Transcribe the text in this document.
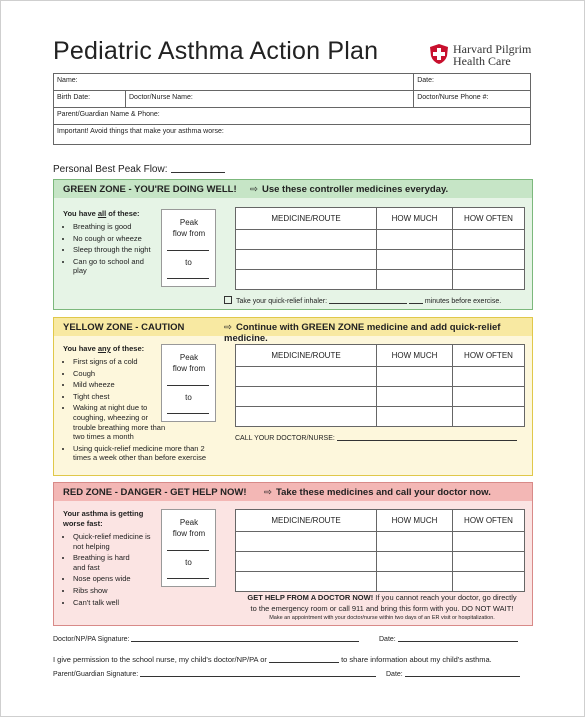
Pediatric Asthma Action Plan	Harvard Pilgrim
Health Care
Name:		Date:
Birth Date:	Doctor/Nurse Name:	Doctor/Nurse Phone #:
Parent/Guardian Name & Phone:		
Important! Avoid things that make your asthma worse:		
Personal Best Peak Flow:
GREEN ZONE - YOU'RE DOING WELL! ⇨ Use these controller medicines everyday.
You have all of these:
• Breathing is good
• No cough or wheeze
• Sleep through the night
• Can go to school and play
Peak flow from
to
MEDICINE/ROUTE	HOW MUCH	HOW OFTEN

Take your quick-relief inhaler:	minutes before exercise.
YELLOW ZONE - CAUTION	⇨ Continue with GREEN ZONE medicine and add quick-relief medicine.
You have any of these:
• First signs of a cold
• Cough
• Mild wheeze
• Tight chest
• Waking at night due to coughing, wheezing or trouble breathing more than two times a month
• Using quick-relief medicine more than 2 times a week other than before exercise
Peak flow from
to
MEDICINE/ROUTE	HOW MUCH	HOW OFTEN

CALL YOUR DOCTOR/NURSE:
RED ZONE - DANGER - GET HELP NOW! ⇨ Take these medicines and call your doctor now.
Your asthma is getting worse fast:
• Quick-relief medicine is not helping
• Breathing is hard and fast
• Nose opens wide
• Ribs show
• Can't talk well
Peak flow from
to
MEDICINE/ROUTE	HOW MUCH	HOW OFTEN

GET HELP FROM A DOCTOR NOW! If you cannot reach your doctor, go directly
to the emergency room or call 911 and bring this form with you. DO NOT WAIT!
Make an appointment with your doctor/nurse within two days of an ER visit or hospitalization.
Doctor/NP/PA Signature:	Date:
I give permission to the school nurse, my child's doctor/NP/PA or	to share information about my child's asthma.
Parent/Guardian Signature:	Date:
